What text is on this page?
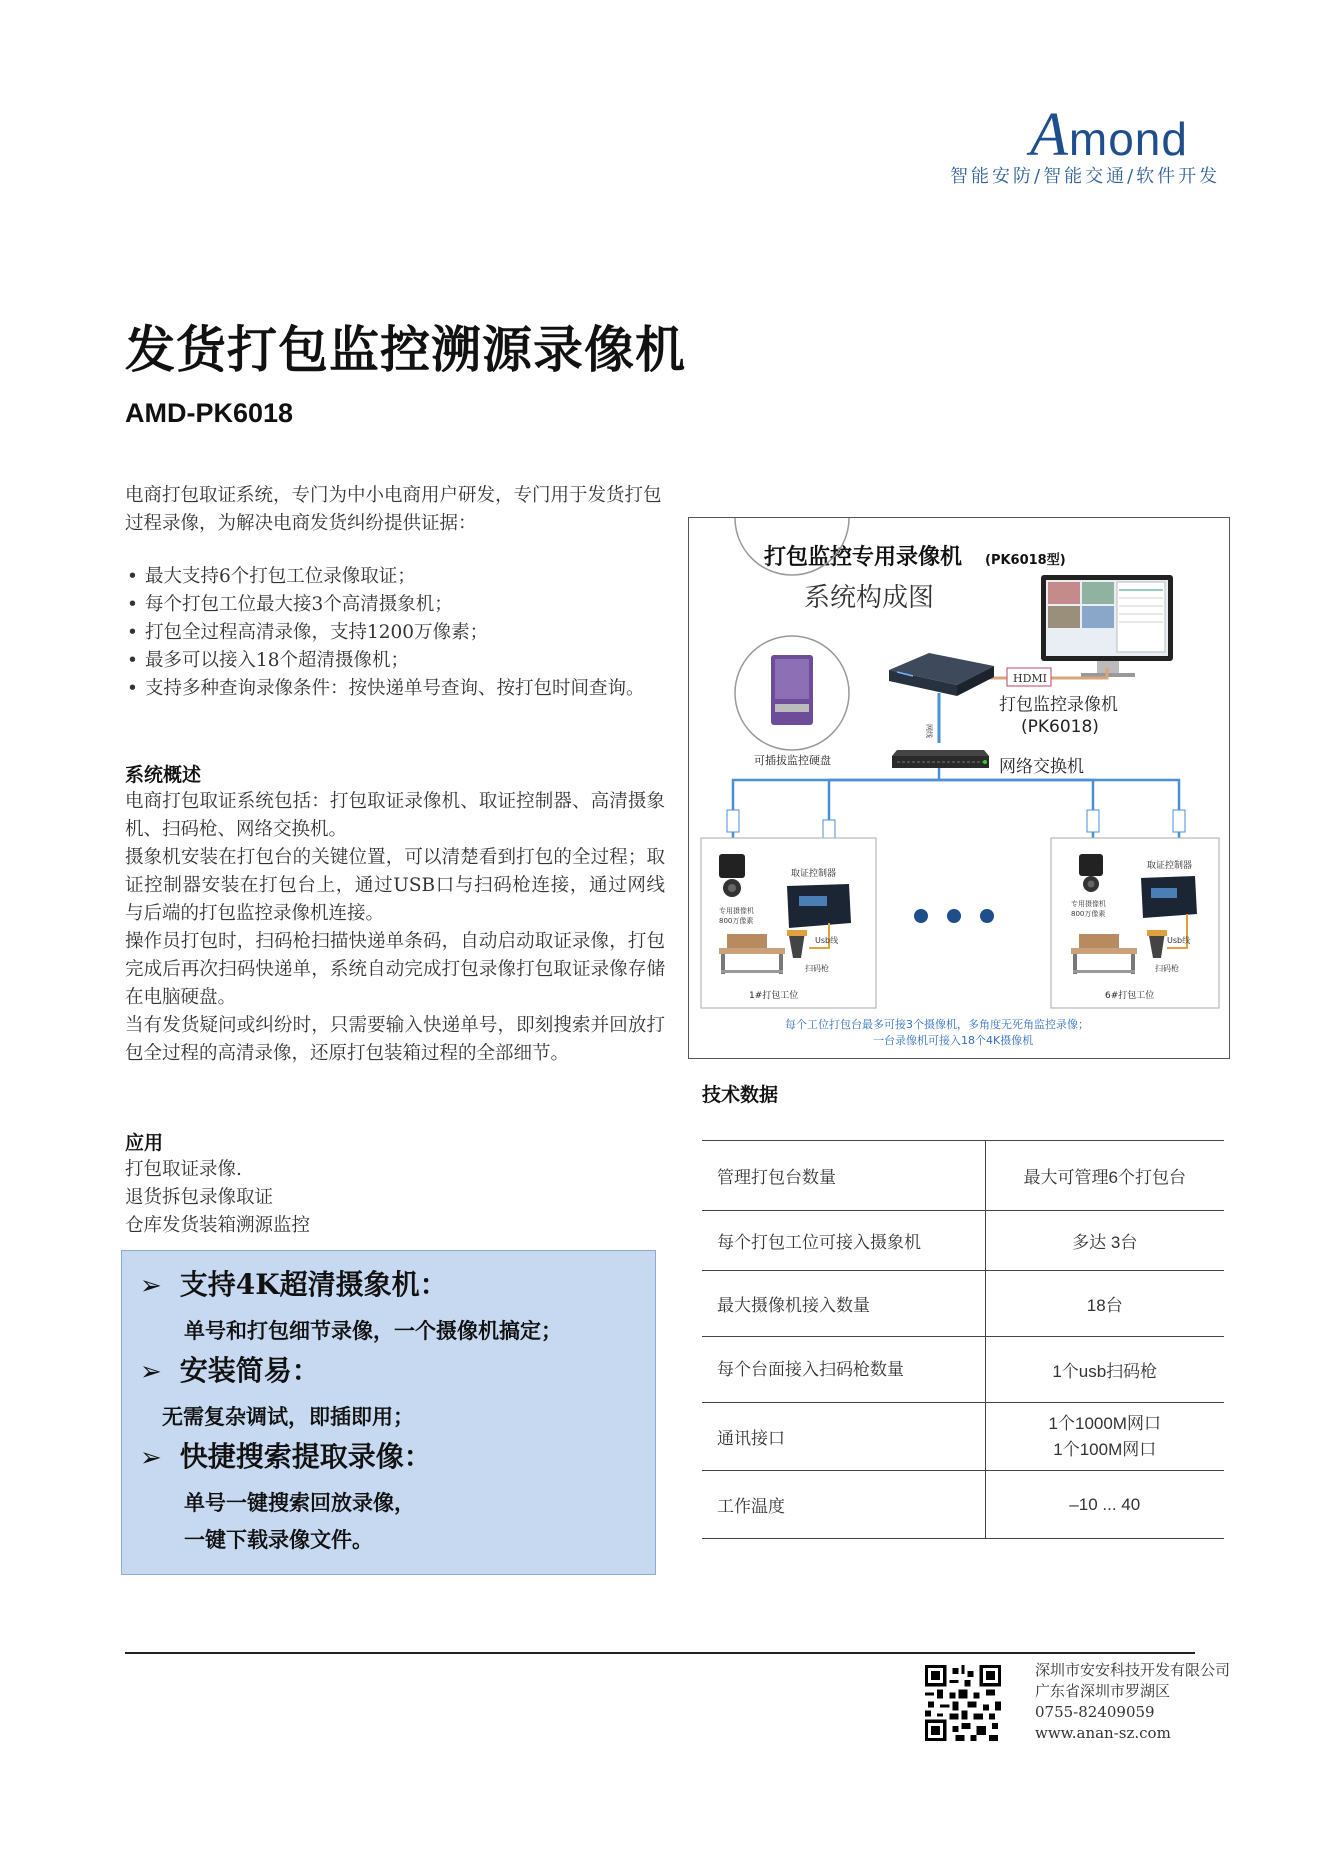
Amond
智能安防/智能交通/软件开发
发货打包监控溯源录像机
AMD-PK6018
电商打包取证系统，专门为中小电商用户研发，专门用于发货打包过程录像，为解决电商发货纠纷提供证据：
• 最大支持6个打包工位录像取证；
• 每个打包工位最大接3个高清摄象机；
• 打包全过程高清录像，支持1200万像素；
• 最多可以接入18个超清摄像机；
• 支持多种查询录像条件：按快递单号查询、按打包时间查询。
系统概述
电商打包取证系统包括：打包取证录像机、取证控制器、高清摄象机、扫码枪、网络交换机。
摄象机安装在打包台的关键位置，可以清楚看到打包的全过程；取证控制器安装在打包台上，通过USB口与扫码枪连接，通过网线与后端的打包监控录像机连接。
操作员打包时，扫码枪扫描快递单条码，自动启动取证录像，打包完成后再次扫码快递单，系统自动完成打包录像打包取证录像存储在电脑硬盘。
当有发货疑问或纠纷时，只需要输入快递单号，即刻搜索并回放打包全过程的高清录像，还原打包装箱过程的全部细节。
应用
打包取证录像.
退货拆包录像取证
仓库发货装箱溯源监控
➢ 支持4K超清摄象机：
单号和打包细节录像，一个摄像机搞定；
➢ 安装简易：
无需复杂调试，即插即用；
➢ 快捷搜索提取录像：
单号一键搜索回放录像，
一键下载录像文件。
打包监控专用录像机 (PK6018型)
系统构成图
HDMI
打包监控录像机
(PK6018)
可插拔监控硬盘
网线
网络交换机
专用摄像机
800万像素
取证控制器
Usb线
扫码枪
1#打包工位
专用摄像机
800万像素
取证控制器
Usb线
扫码枪
6#打包工位
每个工位打包台最多可接3个摄像机，多角度无死角监控录像；
一台录像机可接入18个4K摄像机
技术数据
管理打包台数量	最大可管理6个打包台
每个打包工位可接入摄象机	多达 3台
最大摄像机接入数量	18台
每个台面接入扫码枪数量	1个usb扫码枪
通讯接口	1个1000M网口
1个100M网口

工作温度	–10 ... 40
深圳市安安科技开发有限公司
广东省深圳市罗湖区
0755-82409059
www.anan-sz.com
